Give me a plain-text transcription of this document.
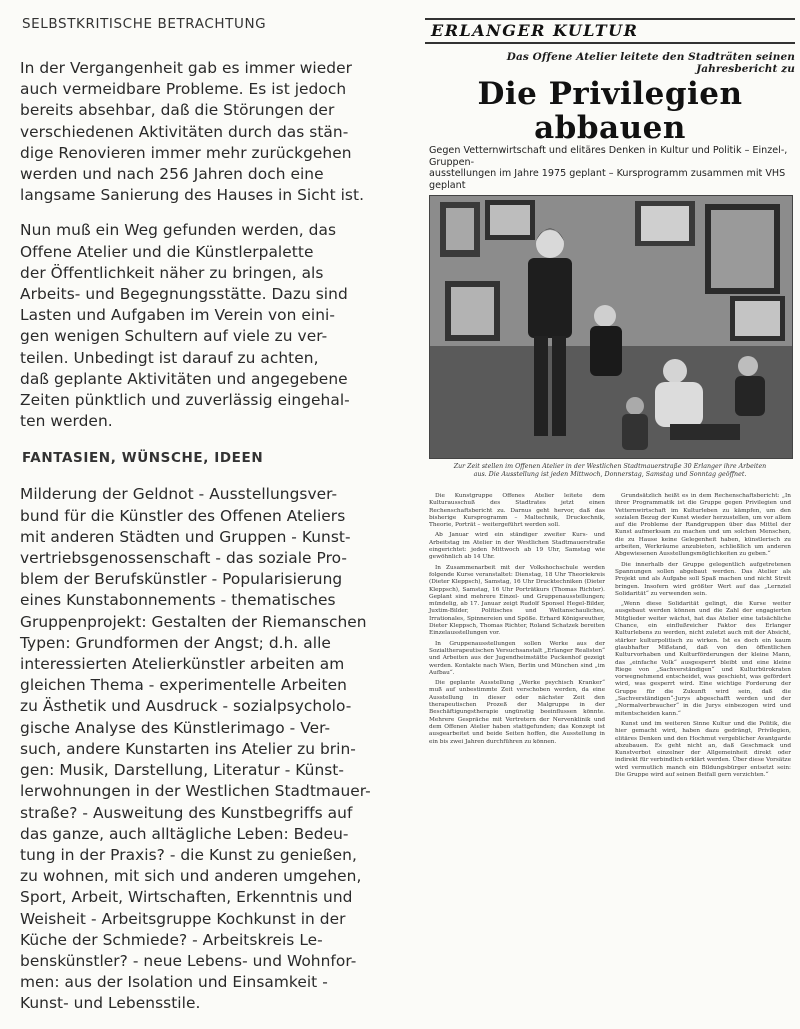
SELBSTKRITISCHE BETRACHTUNG
In der Vergangenheit gab es immer wieder
auch vermeidbare Probleme. Es ist jedoch
bereits absehbar, daß die Störungen der
verschiedenen Aktivitäten durch das stän-
dige Renovieren immer mehr zurückgehen
werden und nach 256 Jahren doch eine
langsame Sanierung des Hauses in Sicht ist.
Nun muß ein Weg gefunden werden, das
Offene Atelier und die Künstlerpalette
der Öffentlichkeit näher zu bringen, als
Arbeits- und Begegnungsstätte. Dazu sind
Lasten und Aufgaben im Verein von eini-
gen wenigen Schultern auf viele zu ver-
teilen. Unbedingt ist darauf zu achten,
daß geplante Aktivitäten und angegebene
Zeiten pünktlich und zuverlässig eingehal-
ten werden.
FANTASIEN, WÜNSCHE, IDEEN
Milderung der Geldnot - Ausstellungsver-
bund für die Künstler des Offenen Ateliers
mit anderen Städten und Gruppen - Kunst-
vertriebsgenossenschaft - das soziale Pro-
blem der Berufskünstler - Popularisierung
eines Kunstabonnements - thematisches
Gruppenprojekt: Gestalten der Riemanschen
Typen: Grundformen der Angst; d.h. alle
interessierten Atelierkünstler arbeiten am
gleichen Thema - experimentelle Arbeiten
zu Ästhetik und Ausdruck - sozialpsycholo-
gische Analyse des Künstlerimago - Ver-
such, andere Kunstarten ins Atelier zu brin-
gen: Musik, Darstellung, Literatur - Künst-
lerwohnungen in der Westlichen Stadtmauer-
straße? - Ausweitung des Kunstbegriffs auf
das ganze, auch alltägliche Leben: Bedeu-
tung in der Praxis? - die Kunst zu genießen,
zu wohnen, mit sich und anderen umgehen,
Sport, Arbeit, Wirtschaften, Erkenntnis und
Weisheit - Arbeitsgruppe Kochkunst in der
Küche der Schmiede? - Arbeitskreis Le-
benskünstler? - neue Lebens- und Wohnfor-
men: aus der Isolation und Einsamkeit -
Kunst- und Lebensstile.
ERLANGER KULTUR
Das Offene Atelier leitete den Stadträten seinen Jahresbericht zu
Die Privilegien abbauen
Gegen Vetternwirtschaft und elitäres Denken in Kultur und Politik – Einzel-, Gruppen-
ausstellungen im Jahre 1975 geplant – Kursprogramm zusammen mit VHS geplant
Zur Zeit stellen im Offenen Atelier in der Westlichen Stadtmauerstraße 30 Erlanger ihre Arbeiten
aus. Die Ausstellung ist jeden Mittwoch, Donnerstag, Samstag und Sonntag geöffnet.

Die Kunstgruppe Offenes Atelier leitete dem Kulturausschuß des Stadtrates jetzt einen Rechenschaftsbericht zu. Darnus geht hervor, daß das bisherige Kursprogramm – Maltechnik, Druckechnik, Theorie, Porträt – weitergeführt werden soll.

Ab Januar wird ein ständiger zweiter Kurs- und Arbeitstag im Atelier in der Westlichen Stadtmauerstraße eingerichtet: jeden Mittwoch ab 19 Uhr, Samstag wie gewöhnlich ab 14 Uhr.

In Zusammenarbeit mit der Volkshochschule werden folgende Kurse veranstaltet: Dienstag, 18 Uhr Theoriekreis (Dieter Kleppsch), Samstag, 16 Uhr Drucktechniken (Dieter Kleppsch), Samstag, 16 Uhr Porträtkurs (Thomas Richter). Geplant sind mehrere Einzel- und Gruppenausstellungen; mündelig, ab 17. Januar zeigt Rudolf Sponsel Hegel-Bilder, Juxtim-Bilder, Politisches und Weltanschauliches, Irrationales, Spinnereien und Spöße. Erhard Königsreuther, Dieter Kleppsch, Thomas Richter, Roland Schatzek bereiten Einzelausstellungen vor.

In Gruppenausstellungen sollen Werke aus der Sozialtherapeutischen Versuchsanstalt „Erlanger Realisten“ und Arbeiten aus der Jugendheimstätte Puckenhof gezeigt werden. Kontakte nach Wien, Berlin und München sind „im Aufbau“.

Die geplante Ausstellung „Werke psychisch Kranker“ muß auf unbestimmte Zeit verschoben werden, da eine Ausstellung in dieser oder nächster Zeit den therapeutischen Prozeß der Malgruppe in der Beschäftigungstherapie ungünstig beeinflussen könnte. Mehrere Gespräche mit Vertretern der Nervenklinik und dem Offenen Atelier haben stattgefunden; das Konzept ist ausgearbeitet und beide Seiten hoffen, die Ausstellung in ein bis zwei Jahren durchführen zu können.

Grundsätzlich heißt es in dem Rechenschaftsbericht: „In ihrer Programmatik ist die Gruppe gegen Privilegien und Vetternwirtschaft im Kulturleben zu kämpfen, um den sozialen Bezug der Kunst wieder herzustellen, um vor allem auf die Probleme der Randgruppen über das Mittel der Kunst aufmerksam zu machen und um solchen Menschen, die zu Hause keine Gelegenheit haben, künstlerisch zu arbeiten, Werkräume anzubieten, schließlich um anderen Abgewiesenen Ausstellungsmöglichkeiten zu geben.“

Die innerhalb der Gruppe gelegentlich aufgetretenen Spannungen sollen abgebaut werden. Das Atelier als Projekt und als Aufgabe soll Spaß machen und nicht Streit bringen. Insofern wird größter Wert auf das „Lernziel Solidarität“ zu verwenden sein.

„Wenn diese Solidarität gelingt, die Kurse weiter ausgebaut werden können und die Zahl der engagierten Mitglieder weiter wächst, hat das Atelier eine tatsächliche Chance, ein einflußreicher Faktor des Erlanger Kulturlebens zu werden, nicht zuletzt auch mit der Absicht, stärker kulturpolitisch zu wirken. Ist es doch ein kaum glaubhafter Mißstand, daß von den öffentlichen Kulturvorhaben und Kulturförderungen der kleine Mann, das „einfache Volk“ ausgesperrt bleibt und eine kleine Riege von „Sachverständigen“ und Kulturbürokraten vorwegnehmend entscheidet, was geschieht, was gefördert wird, was gesperrt wird. Eine wichtige Forderung der Gruppe für die Zukunft wird sein, daß die „Sachverständigen“-Jurys abgeschafft werden und der „Normalverbraucher“ in die Jurys einbezogen wird und mitentscheiden kann.“

Kunst und im weiteren Sinne Kultur und die Politik, die hier gemacht wird, haben dazu gedrängt, Privilegien, elitäres Denken und den Hochmut vergeblicher Avantgarde abzubauen. Es geht nicht an, daß Geschmack und Kunstverbot einzelner der Allgemeinheit direkt oder indirekt für verbindlich erklärt werden. Über diese Vorsätze wird vermutlich manch ein Bildungsbürger entsetzt sein: Die Gruppe wird auf seinen Beifall gern verzichten.“
